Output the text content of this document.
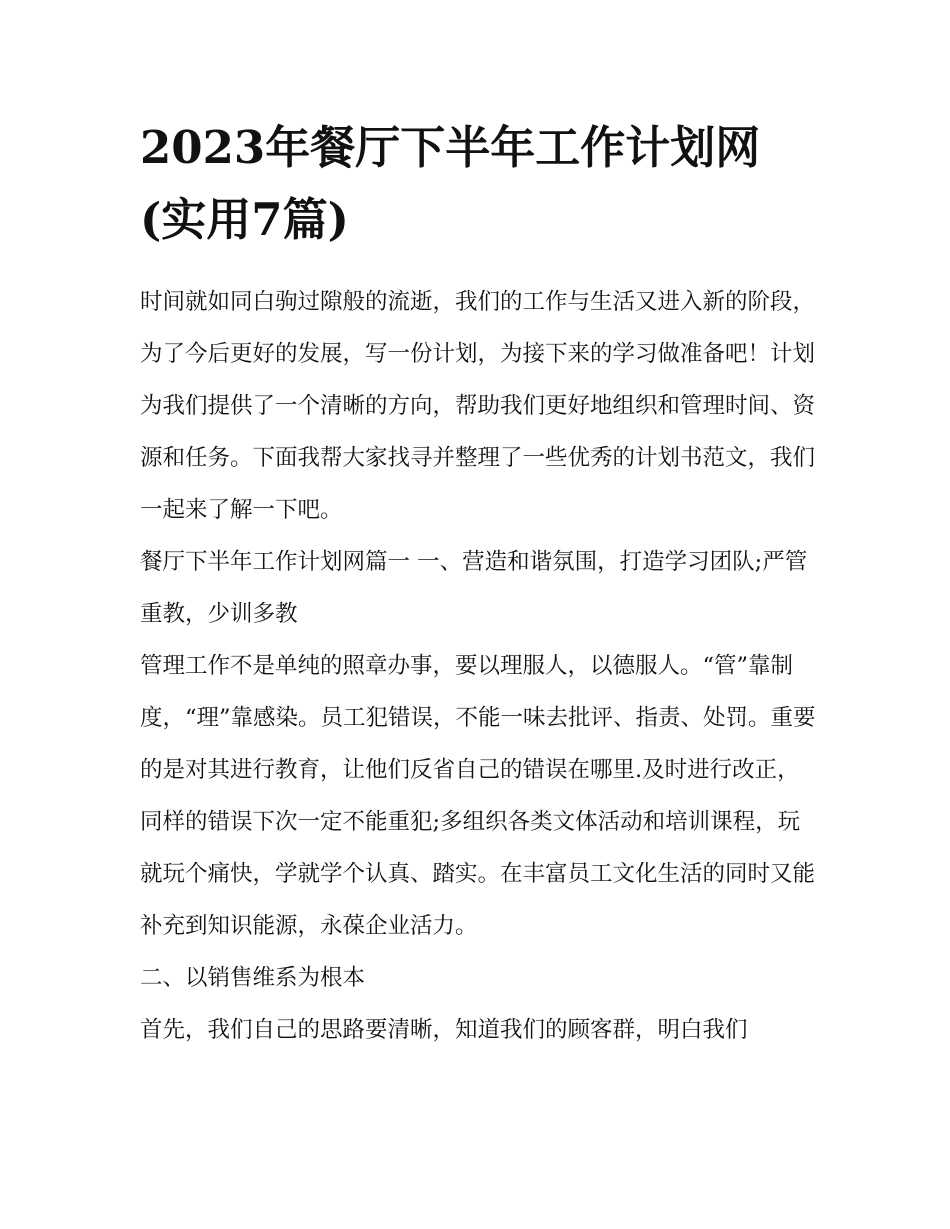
2023年餐厅下半年工作计划网(实用7篇)

时间就如同白驹过隙般的流逝，我们的工作与生活又进入新的阶段，为了今后更好的发展，写一份计划，为接下来的学习做准备吧！计划为我们提供了一个清晰的方向，帮助我们更好地组织和管理时间、资源和任务。下面我帮大家找寻并整理了一些优秀的计划书范文，我们一起来了解一下吧。

餐厅下半年工作计划网篇一 一、营造和谐氛围，打造学习团队;严管重教，少训多教

管理工作不是单纯的照章办事，要以理服人，以德服人。“管”靠制度，“理”靠感染。员工犯错误，不能一味去批评、指责、处罚。重要的是对其进行教育，让他们反省自己的错误在哪里.及时进行改正，同样的错误下次一定不能重犯;多组织各类文体活动和培训课程，玩就玩个痛快，学就学个认真、踏实。在丰富员工文化生活的同时又能补充到知识能源，永葆企业活力。

二、以销售维系为根本

首先，我们自己的思路要清晰，知道我们的顾客群，明白我们
